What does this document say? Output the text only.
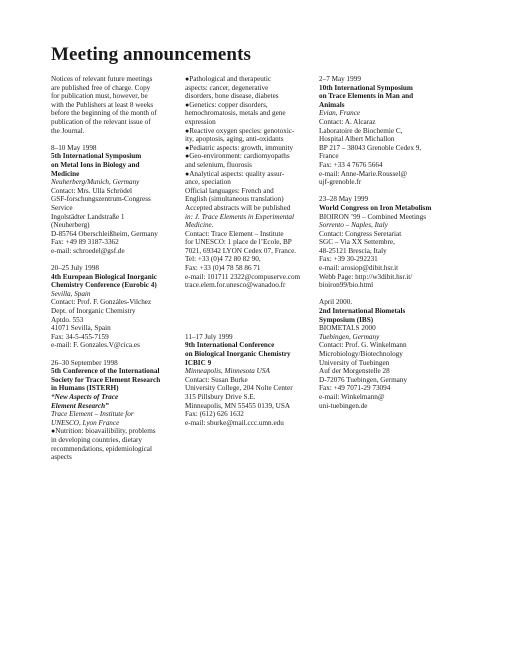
Meeting announcements
Notices of relevant future meetings
are published free of charge. Copy
for publication must, however, be
with the Publishers at least 8 weeks
before the beginning of the month of
publication of the relevant issue of
the Journal.
8–10 May 1998
5th International Symposium
on Metal Ions in Biology and
Medicine
Neuherberg/Munich, Germany
Contact: Mrs. Ulla Schrödel
GSF-forschungszentrum-Congress
Service
Ingolstädter Landstraße 1
(Neuherberg)
D-85764 Oberschleißheim, Germany
Fax: +49 89 3187-3362
e-mail: schroedel@gsf.de
20–25 July 1998
4th European Biological Inorganic
Chemistry Conference (Eurobic 4)
Sevilla, Spain
Contact: Prof. F. Gonzáles-Vilchez
Dept. of Inorganic Chemistry
Aptdo. 553
41071 Sevilla, Spain
Fax: 34-5-455-7159
e-mail: F. Gonzales.V@cica.es
26–30 September 1998
5th Conference of the International
Society for Trace Element Research
in Humans (ISTERH)
“New Aspects of Trace
Element Research”
Trace Element – Institute for
UNESCO, Lyon France
●Nutrition: bioavailibility, problems
in developing countries, dietary
recommendations, epidemiological
aspects
●Pathological and therapeutic
aspects: cancer, degenerative
disorders, bone disease, diabetes
●Genetics: copper disorders,
hemochromatosis, metals and gene
expression
●Reactive oxygen species: genotoxic-
ity, apoptosis, aging, anti-oxidants
●Pediatric aspects: growth, immunity
●Geo-environment: cardiomyopaths
and selenium, fluorosis
●Analytical aspects: quality assur-
ance, speciation
Official languages: French and
English (simultaneous translation)
Accepted abstracts will be published
in: J. Trace Elements in Experimental
Medicine.
Contact: Trace Element – Institute
for UNESCO: 1 place de l’Ecole, BP
7021, 69342 LYON Cedex 07, France.
Tel: +33 (0)4 72 80 82 90,
Fax: +33 (0)4 78 58 86 71
e-mail: 101711 2322@compuserve.com
trace.elem.for.unesco@wanadoo.fr
11–17 July 1999
9th International Conference
on Biological Inorganic Chemistry
ICBIC 9
Minneapolis, Minnesota USA
Contact: Susan Burke
University College, 204 Nolte Center
315 Pillsbury Drive S.E.
Minneapolis, MN 55455 0139, USA
Fax: (612) 626 1632
e-mail: sburke@mail.ccc.umn.edu
2–7 May 1999
10th International Symposium
on Trace Elements in Man and
Animals
Evian, France
Contact: A. Alcaraz
Laboratoire de Biochemie C,
Hospital Albert Michallon
BP 217 – 38043 Grenoble Cedex 9,
France
Fax: +33 4 7676 5664
e-mail: Anne-Marie.Roussel@
ujf-grenoble.fr
23–28 May 1999
World Congress on Iron Metabolism
BIOIRON ’99 – Combined Meetings
Sorrento – Naples, Italy
Contact: Congress Seretariat
SGC – Via XX Settembre,
48-25121 Brescia, Italy
Fax: +39 30-292231
e-mail: arosiop@dibit.hsr.it
Webb Page: http://w3dibit.hsr.it/
bioiron99/bio.html
April 2000.
2nd International Biometals
Symposium (IBS)
BIOMETALS 2000
Tuebingen, Germany
Contact: Prof. G. Winkelmann
Microbiology/Biotechnology
University of Tuebingen
Auf der Morgenstelle 28
D-72076 Tuebingen, Germany
Fax: +49 7071-29 73094
e-mail: Winkelmann@
uni-tuebingen.de
